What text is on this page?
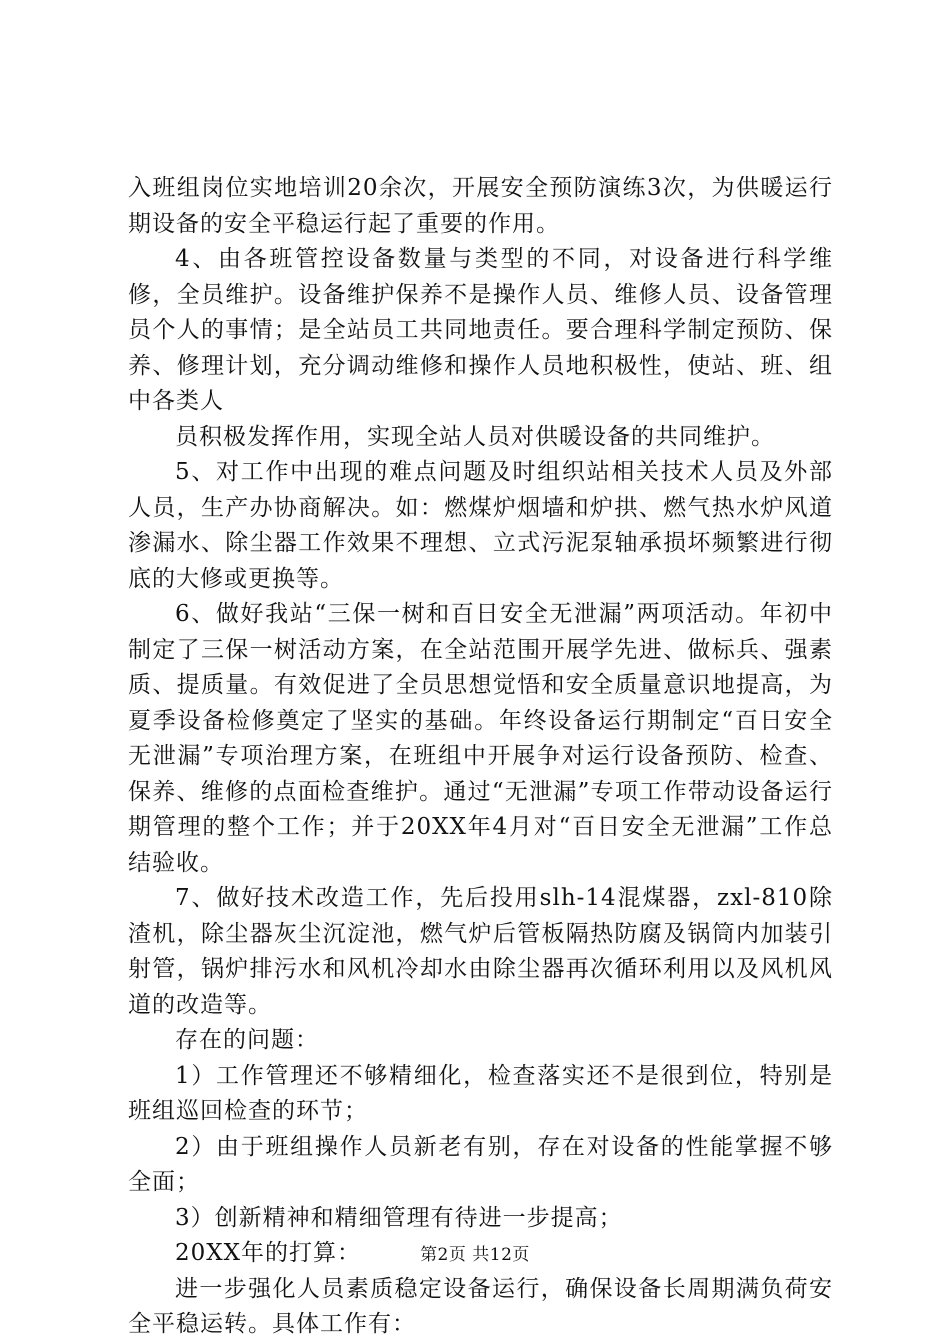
入班组岗位实地培训20余次，开展安全预防演练3次，为供暖运行期设备的安全平稳运行起了重要的作用。

4、由各班管控设备数量与类型的不同，对设备进行科学维修，全员维护。设备维护保养不是操作人员、维修人员、设备管理员个人的事情；是全站员工共同地责任。要合理科学制定预防、保养、修理计划，充分调动维修和操作人员地积极性，使站、班、组中各类人

员积极发挥作用，实现全站人员对供暖设备的共同维护。

5、对工作中出现的难点问题及时组织站相关技术人员及外部人员，生产办协商解决。如：燃煤炉烟墙和炉拱、燃气热水炉风道渗漏水、除尘器工作效果不理想、立式污泥泵轴承损坏频繁进行彻底的大修或更换等。

6、做好我站“三保一树和百日安全无泄漏”两项活动。年初中制定了三保一树活动方案，在全站范围开展学先进、做标兵、强素质、提质量。有效促进了全员思想觉悟和安全质量意识地提高，为夏季设备检修奠定了坚实的基础。年终设备运行期制定“百日安全无泄漏”专项治理方案，在班组中开展争对运行设备预防、检查、保养、维修的点面检查维护。通过“无泄漏”专项工作带动设备运行期管理的整个工作；并于20XX年4月对“百日安全无泄漏”工作总结验收。

7、做好技术改造工作，先后投用slh-14混煤器，zxl-810除渣机，除尘器灰尘沉淀池，燃气炉后管板隔热防腐及锅筒内加装引射管，锅炉排污水和风机冷却水由除尘器再次循环利用以及风机风道的改造等。

存在的问题：

1）工作管理还不够精细化，检查落实还不是很到位，特别是班组巡回检查的环节；

2）由于班组操作人员新老有别，存在对设备的性能掌握不够全面；

3）创新精神和精细管理有待进一步提高；

20XX年的打算：

进一步强化人员素质稳定设备运行，确保设备长周期满负荷安全平稳运转。具体工作有：

第2页 共12页
